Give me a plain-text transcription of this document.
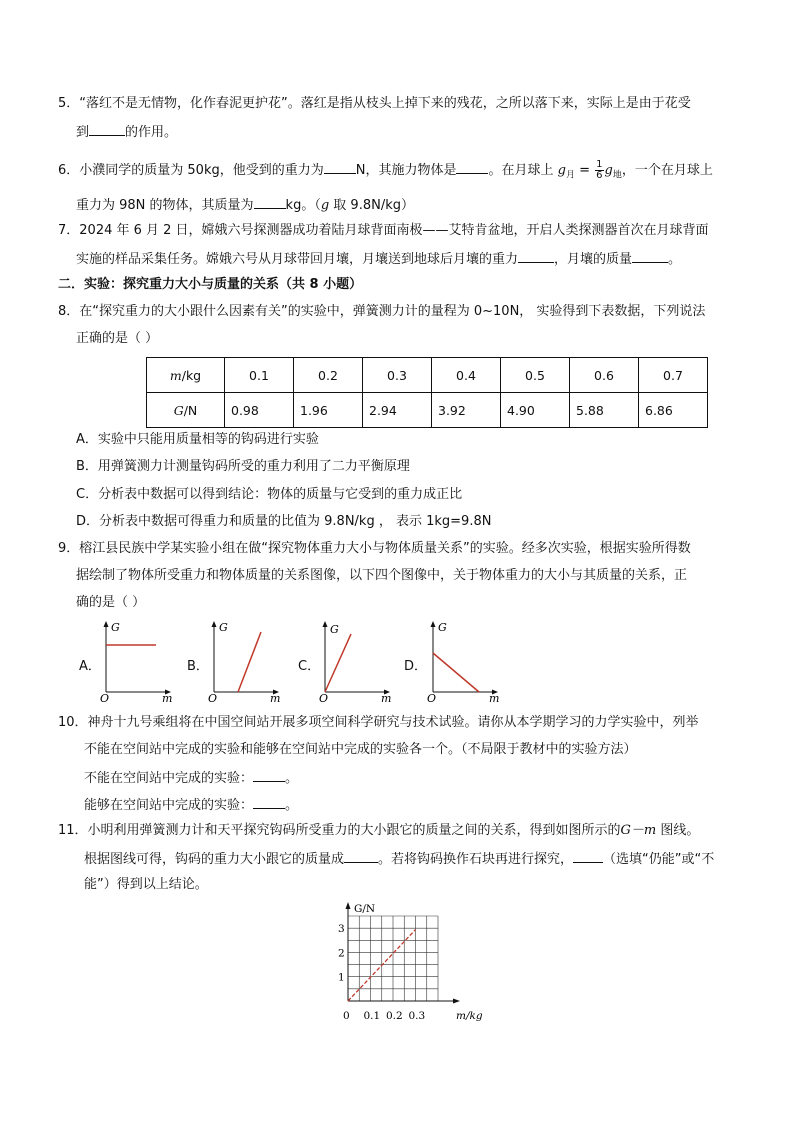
5．“落红不是无情物，化作春泥更护花”。落红是指从枝头上掉下来的残花，之所以落下来，实际上是由于花受
到	的作用。
6．小濮同学的质量为 50kg，他受到的重力为 N，其施力物体是 。在月球上 $g_月 = \frac{1}{6} g_地$，一个在月球上
重力为 98N 的物体，其质量为 kg。（g 取 9.8N/kg）
7．2024 年 6 月 2 日，嫦娥六号探测器成功着陆月球背面南极——艾特肯盆地，开启人类探测器首次在月球背面
实施的样品采集任务。嫦娥六号从月球带回月壤，月壤送到地球后月壤的重力	，月壤的质量	。
二．实验：探究重力大小与质量的关系（共 8 小题）
8．在“探究重力的大小跟什么因素有关”的实验中，弹簧测力计的量程为 0~10N， 实验得到下表数据，下列说法
正确的是（ ）
m/kg	0.1	0.2	0.3	0.4	0.5	0.6	0.7
G/N	0.98	1.96	2.94	3.92	4.90	5.88	6.86
A．实验中只能用质量相等的钩码进行实验
B．用弹簧测力计测量钩码所受的重力利用了二力平衡原理
C．分析表中数据可以得到结论：物体的质量与它受到的重力成正比
D．分析表中数据可得重力和质量的比值为 9.8N/kg ， 表示 1kg=9.8N
9．榕江县民族中学某实验小组在做“探究物体重力大小与物体质量关系”的实验。经多次实验，根据实验所得数
据绘制了物体所受重力和物体质量的关系图像，以下四个图像中，关于物体重力的大小与其质量的关系，正
确的是（ ）
A．
G
O	m
B．
G
O	m
C．
G
O	m
D．
G
O	m
10．神舟十九号乘组将在中国空间站开展多项空间科学研究与技术试验。请你从本学期学习的力学实验中，列举
不能在空间站中完成的实验和能够在空间站中完成的实验各一个。（不局限于教材中的实验方法）
不能在空间站中完成的实验： 。
能够在空间站中完成的实验： 。
11．小明利用弹簧测力计和天平探究钩码所受重力的大小跟它的质量之间的关系，得到如图所示的G－m 图线。
根据图线可得，钩码的重力大小跟它的质量成	。若将钩码换作石块再进行探究， （选填“仍能”或“不
能”）得到以上结论。
G/N
m/kg
1
2
3
0 0.1 0.2 0.3
